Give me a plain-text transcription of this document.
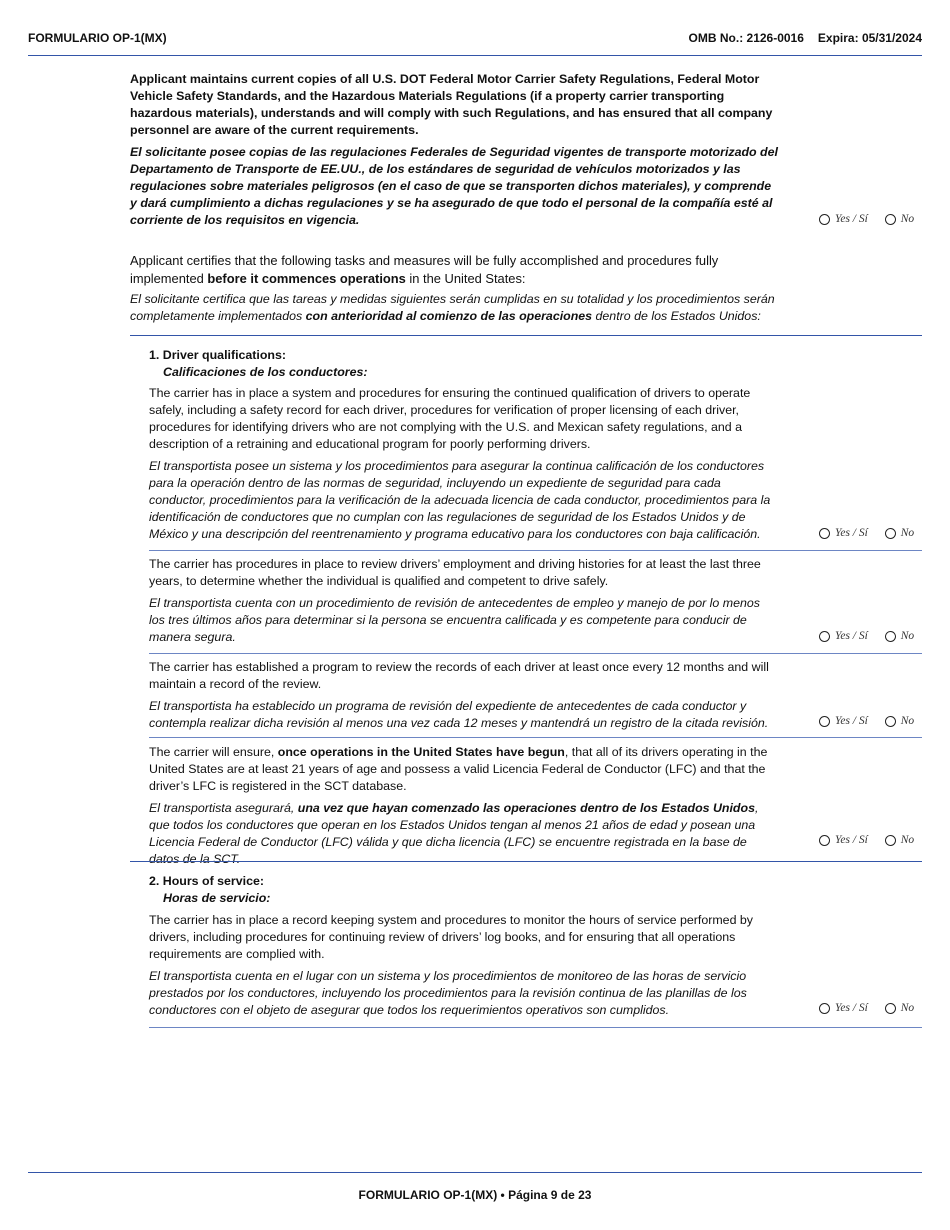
FORMULARIO OP-1(MX)	OMB No.: 2126-0016 Expira: 05/31/2024

Applicant maintains current copies of all U.S. DOT Federal Motor Carrier Safety Regulations, Federal Motor Vehicle Safety Standards, and the Hazardous Materials Regulations (if a property carrier transporting hazardous materials), understands and will comply with such Regulations, and has ensured that all company personnel are aware of the current requirements.

El solicitante posee copias de las regulaciones Federales de Seguridad vigentes de transporte motorizado del Departamento de Transporte de EE.UU., de los estándares de seguridad de vehículos motorizados y las regulaciones sobre materiales peligrosos (en el caso de que se transporten dichos materiales), y comprende y dará cumplimiento a dichas regulaciones y se ha asegurado de que todo el personal de la compañía esté al corriente de los requisitos en vigencia.	Yes / Sí
	No

Applicant certifies that the following tasks and measures will be fully accomplished and procedures fully implemented before it commences operations in the United States:

El solicitante certifica que las tareas y medidas siguientes serán cumplidas en su totalidad y los procedimientos serán completamente implementados con anterioridad al comienzo de las operaciones dentro de los Estados Unidos:

1. Driver qualifications:

Calificaciones de los conductores:

The carrier has in place a system and procedures for ensuring the continued qualification of drivers to operate safely, including a safety record for each driver, procedures for verification of proper licensing of each driver, procedures for identifying drivers who are not complying with the U.S. and Mexican safety regulations, and a description of a retraining and educational program for poorly performing drivers.

El transportista posee un sistema y los procedimientos para asegurar la continua calificación de los conductores para la operación dentro de las normas de seguridad, incluyendo un expediente de seguridad para cada conductor, procedimientos para la verificación de la adecuada licencia de cada conductor, procedimientos para la identificación de conductores que no cumplan con las regulaciones de seguridad de los Estados Unidos y de México y una descripción del reentrenamiento y programa educativo para los conductores con baja calificación.	Yes / Sí
	No

The carrier has procedures in place to review drivers’ employment and driving histories for at least the last three years, to determine whether the individual is qualified and competent to drive safely.

El transportista cuenta con un procedimiento de revisión de antecedentes de empleo y manejo de por lo menos los tres últimos años para determinar si la persona se encuentra calificada y es competente para conducir de manera segura.	Yes / Sí
	No

The carrier has established a program to review the records of each driver at least once every 12 months and will maintain a record of the review.

El transportista ha establecido un programa de revisión del expediente de antecedentes de cada conductor y contempla realizar dicha revisión al menos una vez cada 12 meses y mantendrá un registro de la citada revisión.	Yes / Sí
	No

The carrier will ensure, once operations in the United States have begun, that all of its drivers operating in the United States are at least 21 years of age and possess a valid Licencia Federal de Conductor (LFC) and that the driver’s LFC is registered in the SCT database.

El transportista asegurará, una vez que hayan comenzado las operaciones dentro de los Estados Unidos, que todos los conductores que operan en los Estados Unidos tengan al menos 21 años de edad y posean una Licencia Federal de Conductor (LFC) válida y que dicha licencia (LFC) se encuentre registrada en la base de datos de la SCT.

Yes / Sí
	No

2. Hours of service:

Horas de servicio:

The carrier has in place a record keeping system and procedures to monitor the hours of service performed by drivers, including procedures for continuing review of drivers’ log books, and for ensuring that all operations requirements are complied with.

El transportista cuenta en el lugar con un sistema y los procedimientos de monitoreo de las horas de servicio prestados por los conductores, incluyendo los procedimientos para la revisión continua de las planillas de los conductores con el objeto de asegurar que todos los requerimientos operativos son cumplidos.	Yes / Sí
	No
FORMULARIO OP-1(MX) • Página 9 de 23
